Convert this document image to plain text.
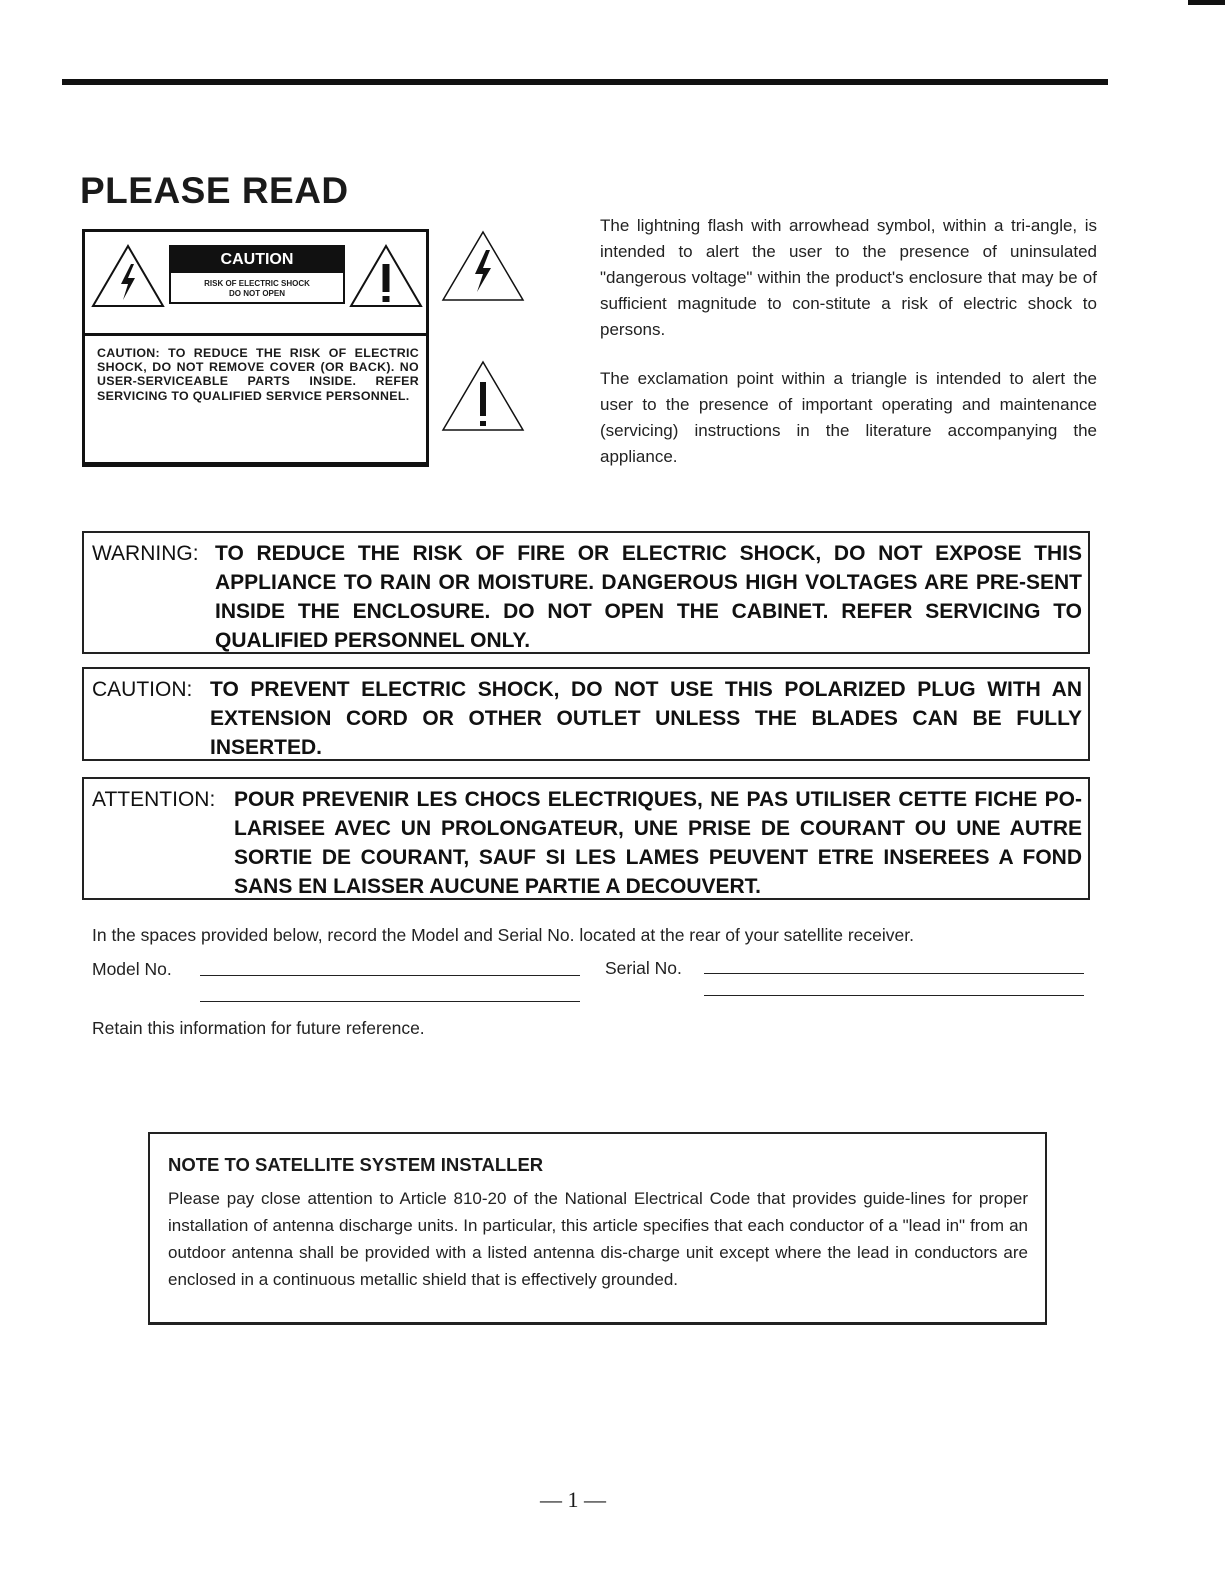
PLEASE READ
CAUTION
RISK OF ELECTRIC SHOCK
DO NOT OPEN
CAUTION: TO REDUCE THE RISK OF ELECTRIC SHOCK, DO NOT REMOVE COVER (OR BACK). NO USER-SERVICEABLE PARTS INSIDE. REFER SERVICING TO QUALIFIED SERVICE PERSONNEL.
The lightning flash with arrowhead symbol, within a tri-angle, is intended to alert the user to the presence of uninsulated "dangerous voltage" within the product's enclosure that may be of sufficient magnitude to con-stitute a risk of electric shock to persons.
The exclamation point within a triangle is intended to alert the user to the presence of important operating and maintenance (servicing) instructions in the literature accompanying the appliance.
WARNING: TO REDUCE THE RISK OF FIRE OR ELECTRIC SHOCK, DO NOT EXPOSE THIS APPLIANCE TO RAIN OR MOISTURE. DANGEROUS HIGH VOLTAGES ARE PRE-SENT INSIDE THE ENCLOSURE. DO NOT OPEN THE CABINET. REFER SERVICING TO QUALIFIED PERSONNEL ONLY.
CAUTION: TO PREVENT ELECTRIC SHOCK, DO NOT USE THIS POLARIZED PLUG WITH AN EXTENSION CORD OR OTHER OUTLET UNLESS THE BLADES CAN BE FULLY INSERTED.
ATTENTION: POUR PREVENIR LES CHOCS ELECTRIQUES, NE PAS UTILISER CETTE FICHE PO-LARISEE AVEC UN PROLONGATEUR, UNE PRISE DE COURANT OU UNE AUTRE SORTIE DE COURANT, SAUF SI LES LAMES PEUVENT ETRE INSEREES A FOND SANS EN LAISSER AUCUNE PARTIE A DECOUVERT.
In the spaces provided below, record the Model and Serial No. located at the rear of your satellite receiver.
Model No.	Serial No.
Retain this information for future reference.
NOTE TO SATELLITE SYSTEM INSTALLER
Please pay close attention to Article 810-20 of the National Electrical Code that provides guide-lines for proper installation of antenna discharge units. In particular, this article specifies that each conductor of a "lead in" from an outdoor antenna shall be provided with a listed antenna dis-charge unit except where the lead in conductors are enclosed in a continuous metallic shield that is effectively grounded.
— 1 —
